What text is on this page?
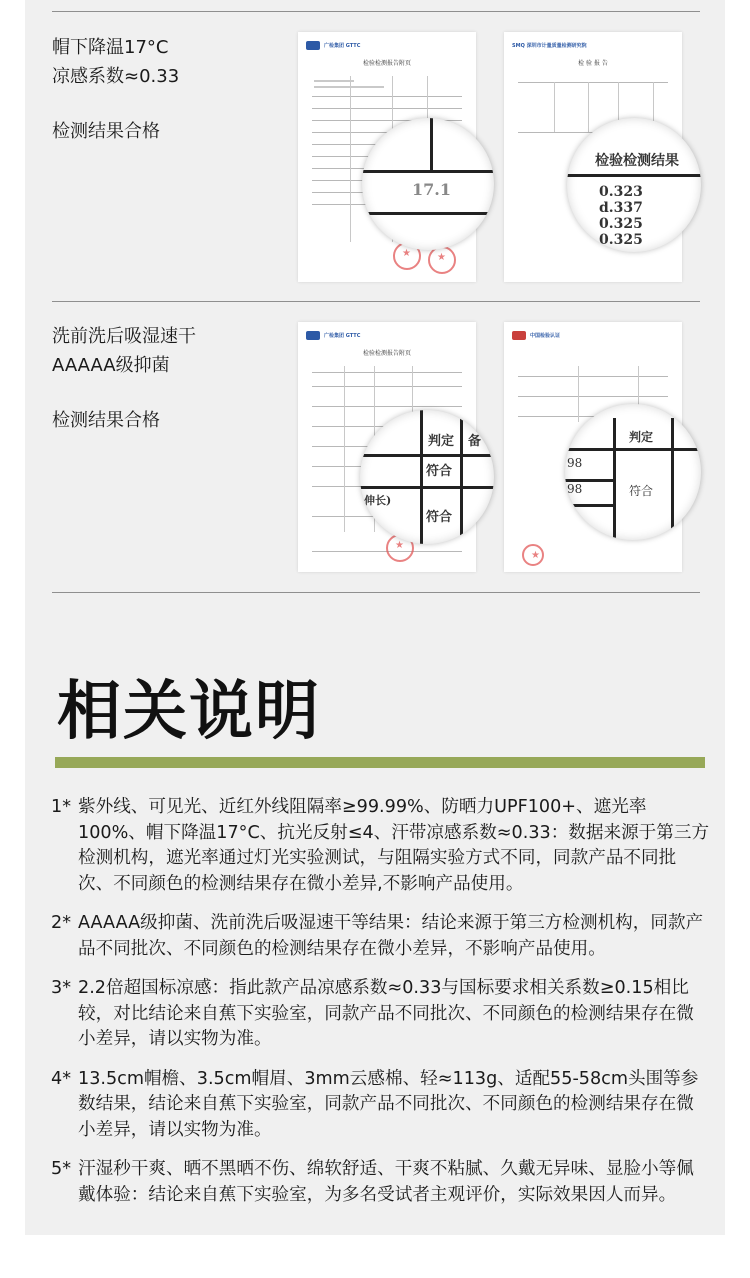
帽下降温17°C
凉感系数≈0.33
检测结果合格
广检集团 GTTC
检验检测报告附页
★
★
17.1
SMQ 深圳市计量质量检测研究院
检 验 报 告
检验检测结果
0.323
d.337
0.325
0.325
洗前洗后吸湿速干
AAAAA级抑菌
检测结果合格
广检集团 GTTC
检验检测报告附页
★
判定 备
符合
伸长)
符合
中国检验认证
★
判定
98
98	符合
相关说明
1* 紫外线、可见光、近红外线阻隔率≥99.99%、防晒力UPF100+、遮光率100%、帽下降温17°C、抗光反射≤4、汗带凉感系数≈0.33：数据来源于第三方检测机构，遮光率通过灯光实验测试，与阻隔实验方式不同，同款产品不同批次、不同颜色的检测结果存在微小差异,不影响产品使用。
2* AAAAA级抑菌、洗前洗后吸湿速干等结果：结论来源于第三方检测机构，同款产品不同批次、不同颜色的检测结果存在微小差异，不影响产品使用。
3* 2.2倍超国标凉感：指此款产品凉感系数≈0.33与国标要求相关系数≥0.15相比较，对比结论来自蕉下实验室，同款产品不同批次、不同颜色的检测结果存在微小差异，请以实物为准。
4* 13.5cm帽檐、3.5cm帽眉、3mm云感棉、轻≈113g、适配55-58cm头围等参数结果，结论来自蕉下实验室，同款产品不同批次、不同颜色的检测结果存在微小差异，请以实物为准。
5* 汗湿秒干爽、晒不黑晒不伤、绵软舒适、干爽不粘腻、久戴无异味、显脸小等佩戴体验：结论来自蕉下实验室，为多名受试者主观评价，实际效果因人而异。
